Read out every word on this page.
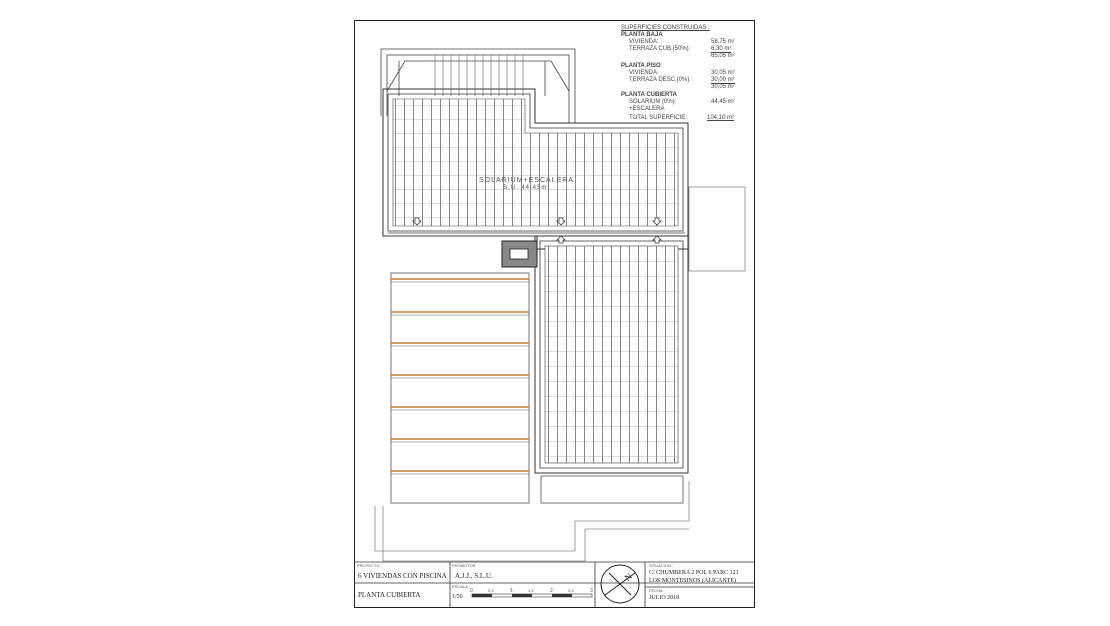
SUPERFICIES CONSTRUIDAS :
PLANTA BAJA
VIVIENDA:	58,75 m²
TERRAZA CUB.(50%):	6,30 m²
65,05 m²
PLANTA PISO
VIVIENDA:	30,05 m²
TERRAZA DESC.(0%):	30,00 m²
30,05 m²
PLANTA CUBIERTA
SOLARIUM (0%):	44,45 m²
+ESCALERA
TOTAL SUPERFICIE:	104,10 m²
SOLARIUM+ESCALERA
S.U. 44,45m²
PROYECTO :
6 VIVIENDAS CON PISCINA
PROMOTOR :
A.J.J., S.L.U.
PLANTA CUBIERTA
ESCALA :
1/50
0	0,5	1	1,5	2	2,5	3
N
SITUACION :
C/ CHUMBERA 2 POL 6 PARC 121
LOS MONTESINOS (ALICANTE)
FECHA :
JULIO 2018
